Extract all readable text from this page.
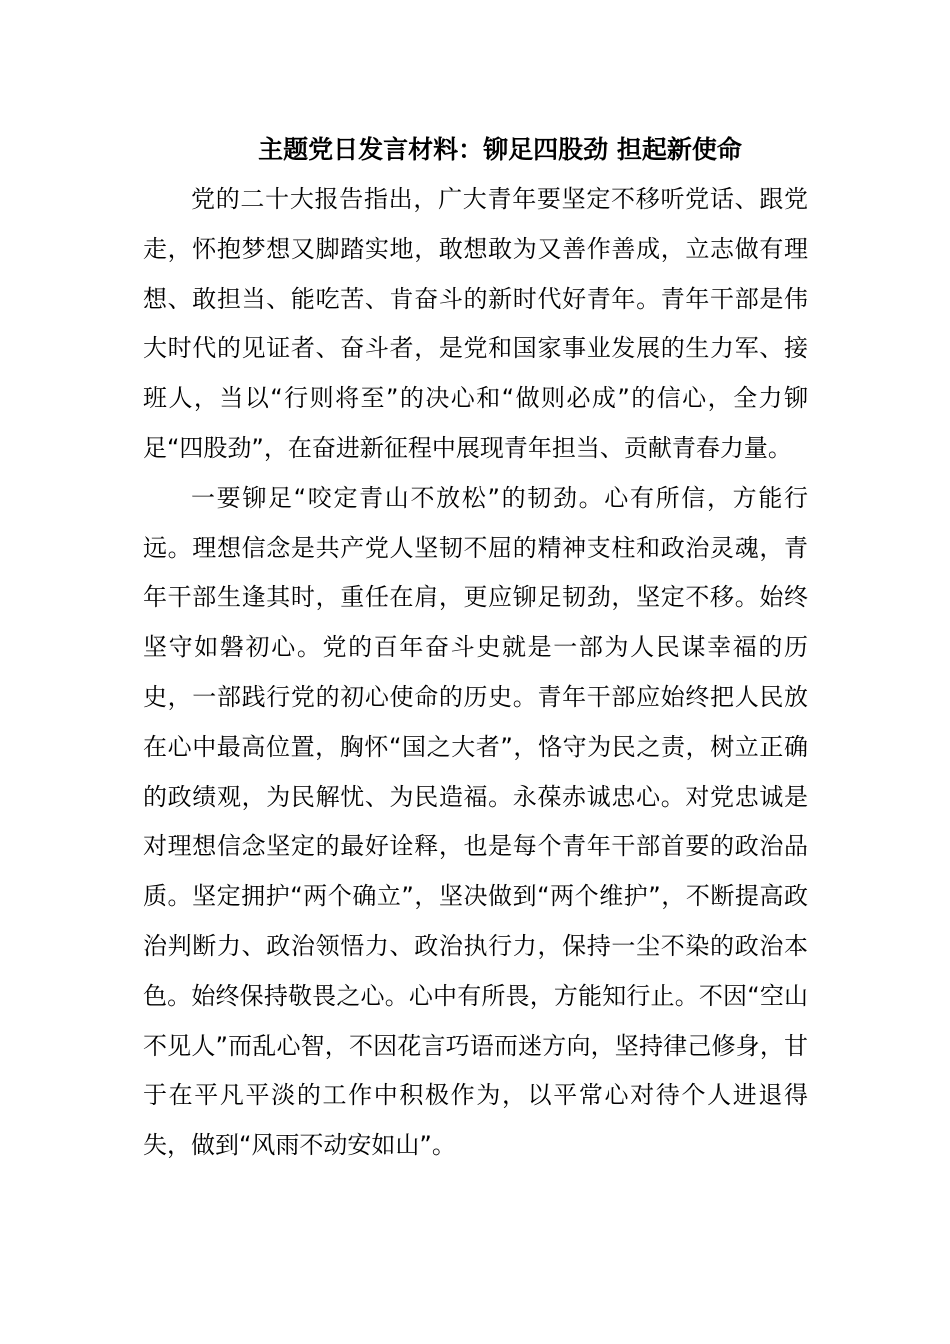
主题党日发言材料：铆足四股劲 担起新使命

党的二十大报告指出，广大青年要坚定不移听党话、跟党走，怀抱梦想又脚踏实地，敢想敢为又善作善成，立志做有理想、敢担当、能吃苦、肯奋斗的新时代好青年。青年干部是伟大时代的见证者、奋斗者，是党和国家事业发展的生力军、接班人，当以“行则将至”的决心和“做则必成”的信心，全力铆足“四股劲”，在奋进新征程中展现青年担当、贡献青春力量。

一要铆足“咬定青山不放松”的韧劲。心有所信，方能行远。理想信念是共产党人坚韧不屈的精神支柱和政治灵魂，青年干部生逢其时，重任在肩，更应铆足韧劲，坚定不移。始终坚守如磐初心。党的百年奋斗史就是一部为人民谋幸福的历史，一部践行党的初心使命的历史。青年干部应始终把人民放在心中最高位置，胸怀“国之大者”，恪守为民之责，树立正确的政绩观，为民解忧、为民造福。永葆赤诚忠心。对党忠诚是对理想信念坚定的最好诠释，也是每个青年干部首要的政治品质。坚定拥护“两个确立”，坚决做到“两个维护”，不断提高政治判断力、政治领悟力、政治执行力，保持一尘不染的政治本色。始终保持敬畏之心。心中有所畏，方能知行止。不因“空山不见人”而乱心智，不因花言巧语而迷方向，坚持律己修身，甘于在平凡平淡的工作中积极作为，以平常心对待个人进退得失，做到“风雨不动安如山”。
